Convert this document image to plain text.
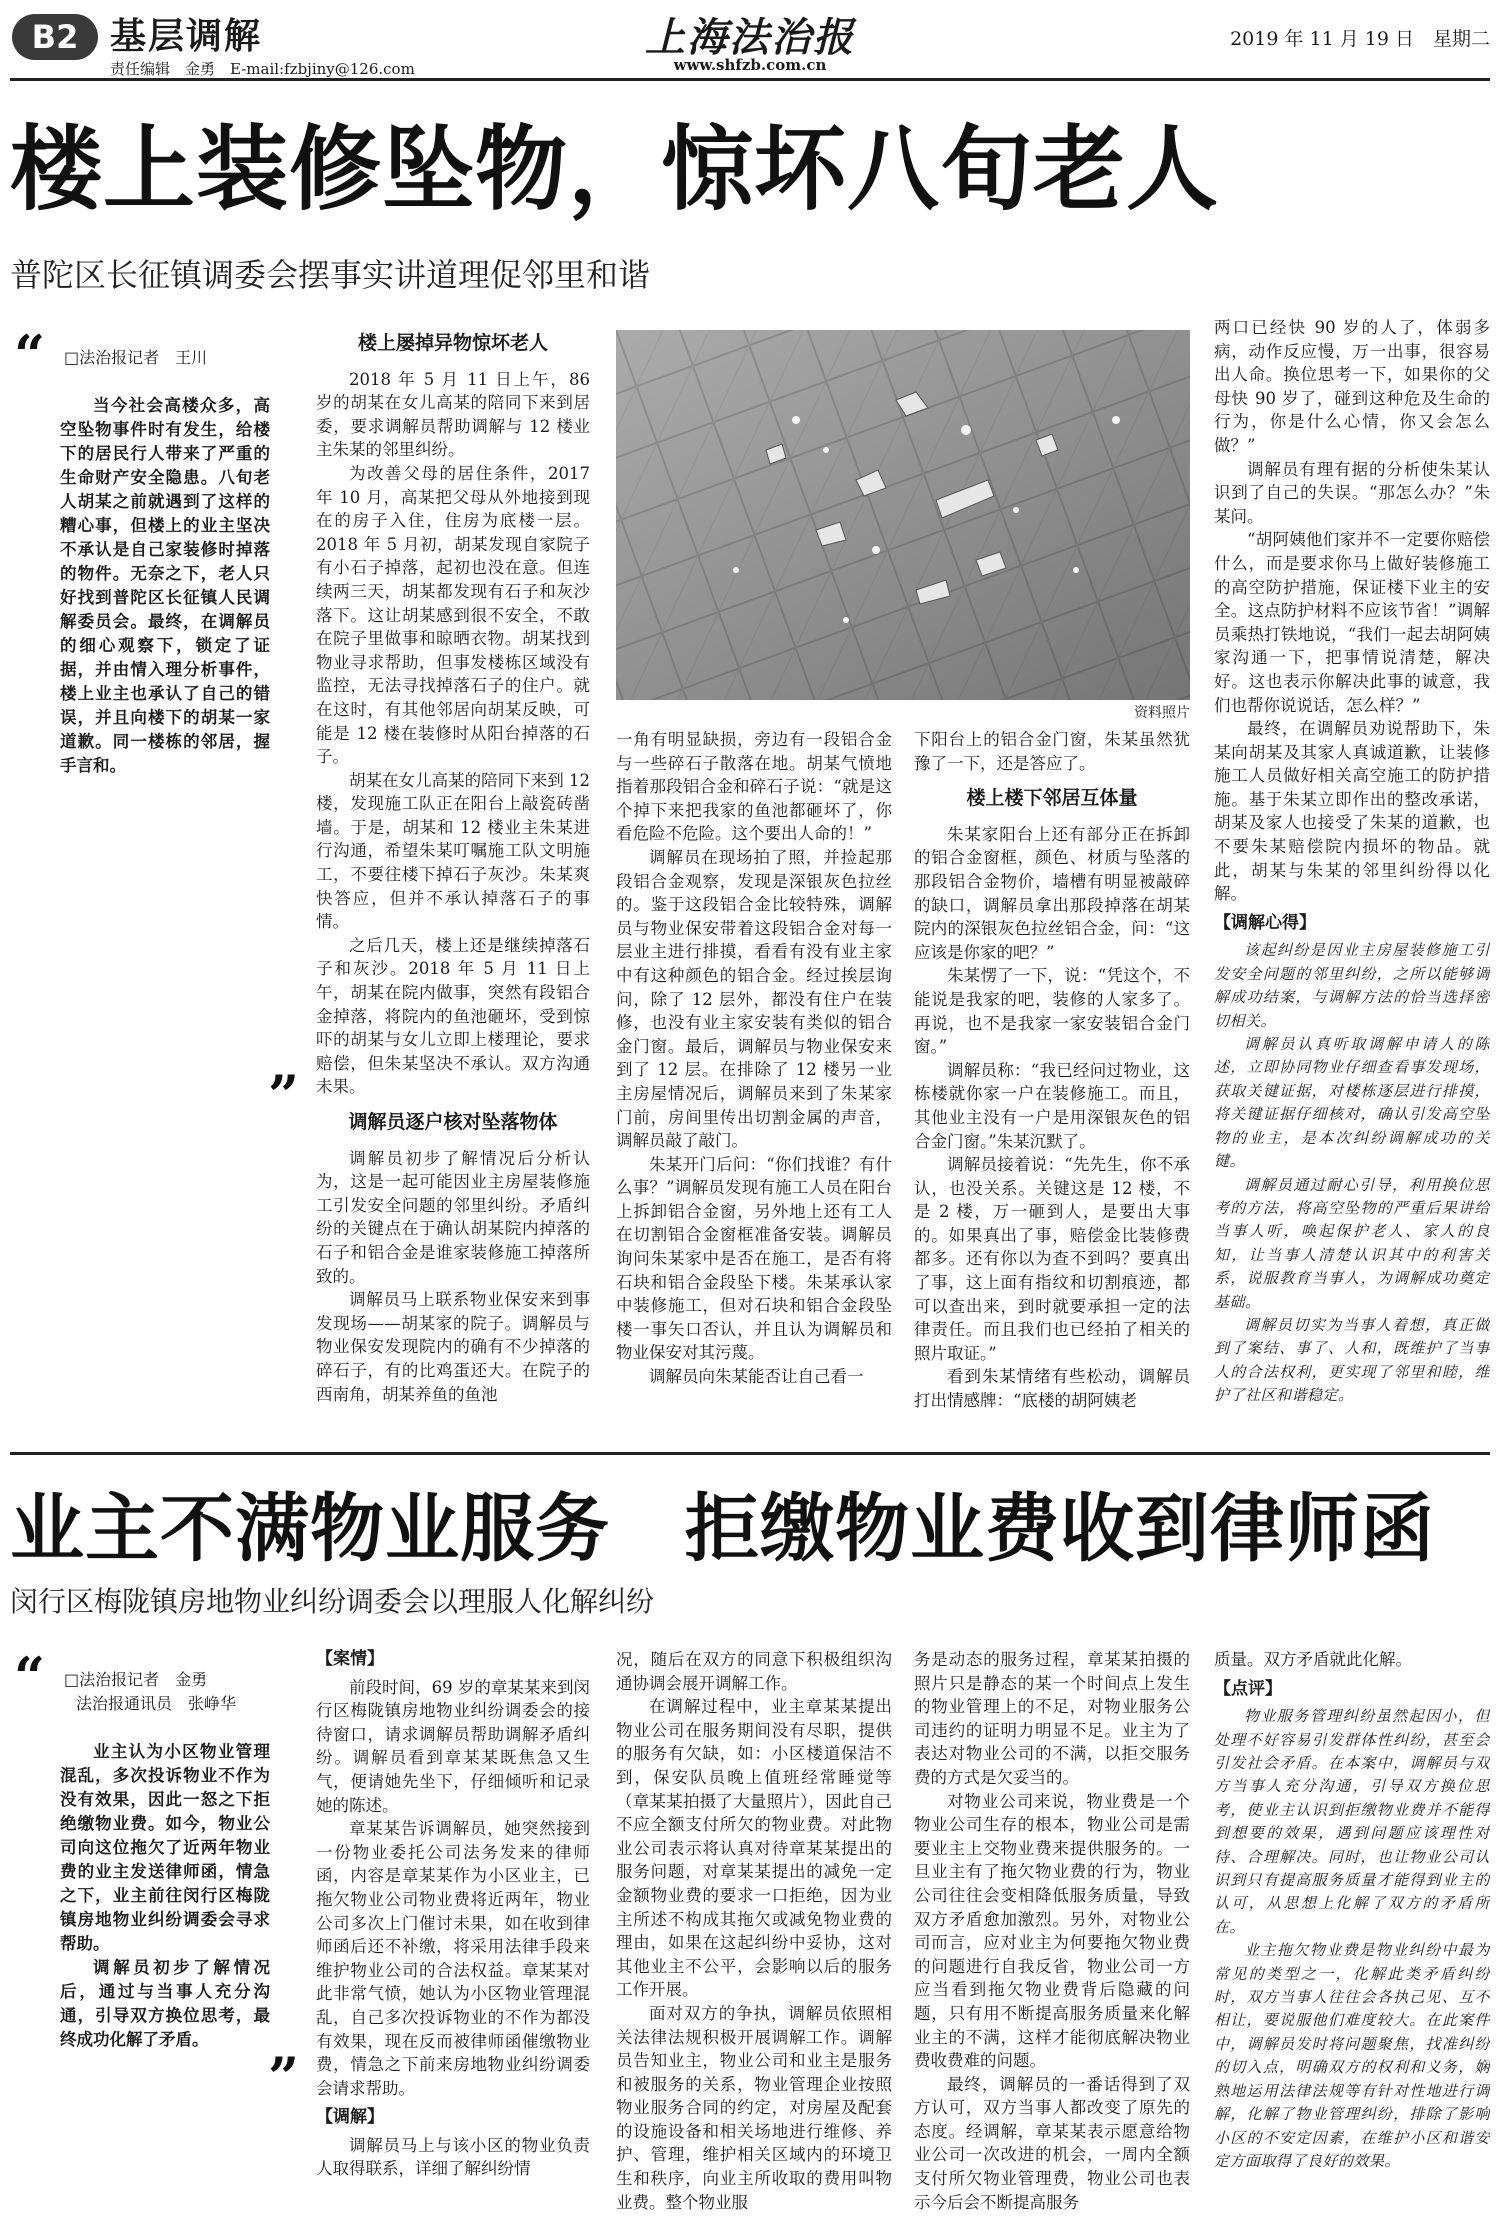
B2 基层调解
责任编辑　金勇　E-mail:fzbjiny@126.com
上海法治报
www.shfzb.com.cn
2019 年 11 月 19 日　星期二
楼上装修坠物，惊坏八旬老人
普陀区长征镇调委会摆事实讲道理促邻里和谐
“ □法治报记者　王川

当今社会高楼众多，高空坠物事件时有发生，给楼下的居民行人带来了严重的生命财产安全隐患。八旬老人胡某之前就遇到了这样的糟心事，但楼上的业主坚决不承认是自己家装修时掉落的物件。无奈之下，老人只好找到普陀区长征镇人民调解委员会。最终，在调解员的细心观察下，锁定了证据，并由情入理分析事件，楼上业主也承认了自己的错误，并且向楼下的胡某一家道歉。同一楼栋的邻居，握手言和。

”
楼上屡掉异物惊坏老人

2018 年 5 月 11 日上午，86 岁的胡某在女儿高某的陪同下来到居委，要求调解员帮助调解与 12 楼业主朱某的邻里纠纷。

为改善父母的居住条件，2017 年 10 月，高某把父母从外地接到现在的房子入住，住房为底楼一层。2018 年 5 月初，胡某发现自家院子有小石子掉落，起初也没在意。但连续两三天，胡某都发现有石子和灰沙落下。这让胡某感到很不安全，不敢在院子里做事和晾晒衣物。胡某找到物业寻求帮助，但事发楼栋区域没有监控，无法寻找掉落石子的住户。就在这时，有其他邻居向胡某反映，可能是 12 楼在装修时从阳台掉落的石子。

胡某在女儿高某的陪同下来到 12 楼，发现施工队正在阳台上敲瓷砖凿墙。于是，胡某和 12 楼业主朱某进行沟通，希望朱某叮嘱施工队文明施工，不要往楼下掉石子灰沙。朱某爽快答应，但并不承认掉落石子的事情。

之后几天，楼上还是继续掉落石子和灰沙。2018 年 5 月 11 日上午，胡某在院内做事，突然有段铝合金掉落，将院内的鱼池砸坏，受到惊吓的胡某与女儿立即上楼理论，要求赔偿，但朱某坚决不承认。双方沟通未果。

调解员逐户核对坠落物体

调解员初步了解情况后分析认为，这是一起可能因业主房屋装修施工引发安全问题的邻里纠纷。矛盾纠纷的关键点在于确认胡某院内掉落的石子和铝合金是谁家装修施工掉落所致的。

调解员马上联系物业保安来到事发现场——胡某家的院子。调解员与物业保安发现院内的确有不少掉落的碎石子，有的比鸡蛋还大。在院子的西南角，胡某养鱼的鱼池

资料照片

一角有明显缺损，旁边有一段铝合金与一些碎石子散落在地。胡某气愤地指着那段铝合金和碎石子说：“就是这个掉下来把我家的鱼池都砸坏了，你看危险不危险。这个要出人命的！”

调解员在现场拍了照，并捡起那段铝合金观察，发现是深银灰色拉丝的。鉴于这段铝合金比较特殊，调解员与物业保安带着这段铝合金对每一层业主进行排摸，看看有没有业主家中有这种颜色的铝合金。经过挨层询问，除了 12 层外，都没有住户在装修，也没有业主家安装有类似的铝合金门窗。最后，调解员与物业保安来到了 12 层。在排除了 12 楼另一业主房屋情况后，调解员来到了朱某家门前，房间里传出切割金属的声音，调解员敲了敲门。

朱某开门后问：“你们找谁？有什么事？”调解员发现有施工人员在阳台上拆卸铝合金窗，另外地上还有工人在切割铝合金窗框准备安装。调解员询问朱某家中是否在施工，是否有将石块和铝合金段坠下楼。朱某承认家中装修施工，但对石块和铝合金段坠楼一事矢口否认，并且认为调解员和物业保安对其污蔑。

调解员向朱某能否让自己看一

下阳台上的铝合金门窗，朱某虽然犹豫了一下，还是答应了。

楼上楼下邻居互体量

朱某家阳台上还有部分正在拆卸的铝合金窗框，颜色、材质与坠落的那段铝合金物价，墙槽有明显被敲碎的缺口，调解员拿出那段掉落在胡某院内的深银灰色拉丝铝合金，问：“这应该是你家的吧？”

朱某愣了一下，说：“凭这个，不能说是我家的吧，装修的人家多了。再说，也不是我家一家安装铝合金门窗。”

调解员称：“我已经问过物业，这栋楼就你家一户在装修施工。而且，其他业主没有一户是用深银灰色的铝合金门窗。”朱某沉默了。

调解员接着说：“先先生，你不承认，也没关系。关键这是 12 楼，不是 2 楼，万一砸到人，是要出大事的。如果真出了事，赔偿金比装修费都多。还有你以为查不到吗？要真出了事，这上面有指纹和切割痕迹，都可以查出来，到时就要承担一定的法律责任。而且我们也已经拍了相关的照片取证。”

看到朱某情绪有些松动，调解员打出情感牌：“底楼的胡阿姨老

两口已经快 90 岁的人了，体弱多病，动作反应慢，万一出事，很容易出人命。换位思考一下，如果你的父母快 90 岁了，碰到这种危及生命的行为，你是什么心情，你又会怎么做？”

调解员有理有据的分析使朱某认识到了自己的失误。“那怎么办？”朱某问。

“胡阿姨他们家并不一定要你赔偿什么，而是要求你马上做好装修施工的高空防护措施，保证楼下业主的安全。这点防护材料不应该节省！”调解员乘热打铁地说，“我们一起去胡阿姨家沟通一下，把事情说清楚，解决好。这也表示你解决此事的诚意，我们也帮你说说话，怎么样？”

最终，在调解员劝说帮助下，朱某向胡某及其家人真诚道歉，让装修施工人员做好相关高空施工的防护措施。基于朱某立即作出的整改承诺，胡某及家人也接受了朱某的道歉，也不要朱某赔偿院内损坏的物品。就此，胡某与朱某的邻里纠纷得以化解。

【调解心得】

该起纠纷是因业主房屋装修施工引发安全问题的邻里纠纷，之所以能够调解成功结案，与调解方法的恰当选择密切相关。

调解员认真听取调解申请人的陈述，立即协同物业仔细查看事发现场，获取关键证据，对楼栋逐层进行排摸，将关键证据仔细核对，确认引发高空坠物的业主，是本次纠纷调解成功的关键。

调解员通过耐心引导，利用换位思考的方法，将高空坠物的严重后果讲给当事人听，唤起保护老人、家人的良知，让当事人清楚认识其中的利害关系，说服教育当事人，为调解成功奠定基础。

调解员切实为当事人着想，真正做到了案结、事了、人和，既维护了当事人的合法权利，更实现了邻里和睦，维护了社区和谐稳定。

业主不满物业服务　拒缴物业费收到律师函
闵行区梅陇镇房地物业纠纷调委会以理服人化解纠纷
“ □法治报记者　金勇
法治报通讯员　张峥华

业主认为小区物业管理混乱，多次投诉物业不作为没有效果，因此一怒之下拒绝缴物业费。如今，物业公司向这位拖欠了近两年物业费的业主发送律师函，情急之下，业主前往闵行区梅陇镇房地物业纠纷调委会寻求帮助。

调解员初步了解情况后，通过与当事人充分沟通，引导双方换位思考，最终成功化解了矛盾。

”
【案情】

前段时间，69 岁的章某某来到闵行区梅陇镇房地物业纠纷调委会的接待窗口，请求调解员帮助调解矛盾纠纷。调解员看到章某某既焦急又生气，便请她先坐下，仔细倾听和记录她的陈述。

章某某告诉调解员，她突然接到一份物业委托公司法务发来的律师函，内容是章某某作为小区业主，已拖欠物业公司物业费将近两年，物业公司多次上门催讨未果，如在收到律师函后还不补缴，将采用法律手段来维护物业公司的合法权益。章某某对此非常气愤，她认为小区物业管理混乱，自己多次投诉物业的不作为都没有效果，现在反而被律师函催缴物业费，情急之下前来房地物业纠纷调委会请求帮助。

【调解】

调解员马上与该小区的物业负责人取得联系，详细了解纠纷情

况，随后在双方的同意下积极组织沟通协调会展开调解工作。

在调解过程中，业主章某某提出物业公司在服务期间没有尽职，提供的服务有欠缺，如：小区楼道保洁不到，保安队员晚上值班经常睡觉等（章某某拍摄了大量照片），因此自己不应全额支付所欠的物业费。对此物业公司表示将认真对待章某某提出的服务问题，对章某某提出的减免一定金额物业费的要求一口拒绝，因为业主所述不构成其拖欠或减免物业费的理由，如果在这起纠纷中妥协，这对其他业主不公平，会影响以后的服务工作开展。

面对双方的争执，调解员依照相关法律法规积极开展调解工作。调解员告知业主，物业公司和业主是服务和被服务的关系，物业管理企业按照物业服务合同的约定，对房屋及配套的设施设备和相关场地进行维修、养护、管理，维护相关区域内的环境卫生和秩序，向业主所收取的费用叫物业费。整个物业服

务是动态的服务过程，章某某拍摄的照片只是静态的某一个时间点上发生的物业管理上的不足，对物业服务公司违约的证明力明显不足。业主为了表达对物业公司的不满，以拒交服务费的方式是欠妥当的。

对物业公司来说，物业费是一个物业公司生存的根本，物业公司是需要业主上交物业费来提供服务的。一旦业主有了拖欠物业费的行为，物业公司往往会变相降低服务质量，导致双方矛盾愈加激烈。另外，对物业公司而言，应对业主为何要拖欠物业费的问题进行自我反省，物业公司一方应当看到拖欠物业费背后隐藏的问题，只有用不断提高服务质量来化解业主的不满，这样才能彻底解决物业费收费难的问题。

最终，调解员的一番话得到了双方认可，双方当事人都改变了原先的态度。经调解，章某某表示愿意给物业公司一次改进的机会，一周内全额支付所欠物业管理费，物业公司也表示今后会不断提高服务

质量。双方矛盾就此化解。

【点评】

物业服务管理纠纷虽然起因小，但处理不好容易引发群体性纠纷，甚至会引发社会矛盾。在本案中，调解员与双方当事人充分沟通，引导双方换位思考，使业主认识到拒缴物业费并不能得到想要的效果，遇到问题应该理性对待、合理解决。同时，也让物业公司认识到只有提高服务质量才能得到业主的认可，从思想上化解了双方的矛盾所在。

业主拖欠物业费是物业纠纷中最为常见的类型之一，化解此类矛盾纠纷时，双方当事人往往会各执己见、互不相让，要说服他们难度较大。在此案件中，调解员发时将问题聚焦，找准纠纷的切入点，明确双方的权利和义务，娴熟地运用法律法规等有针对性地进行调解，化解了物业管理纠纷，排除了影响小区的不安定因素，在维护小区和谐安定方面取得了良好的效果。
